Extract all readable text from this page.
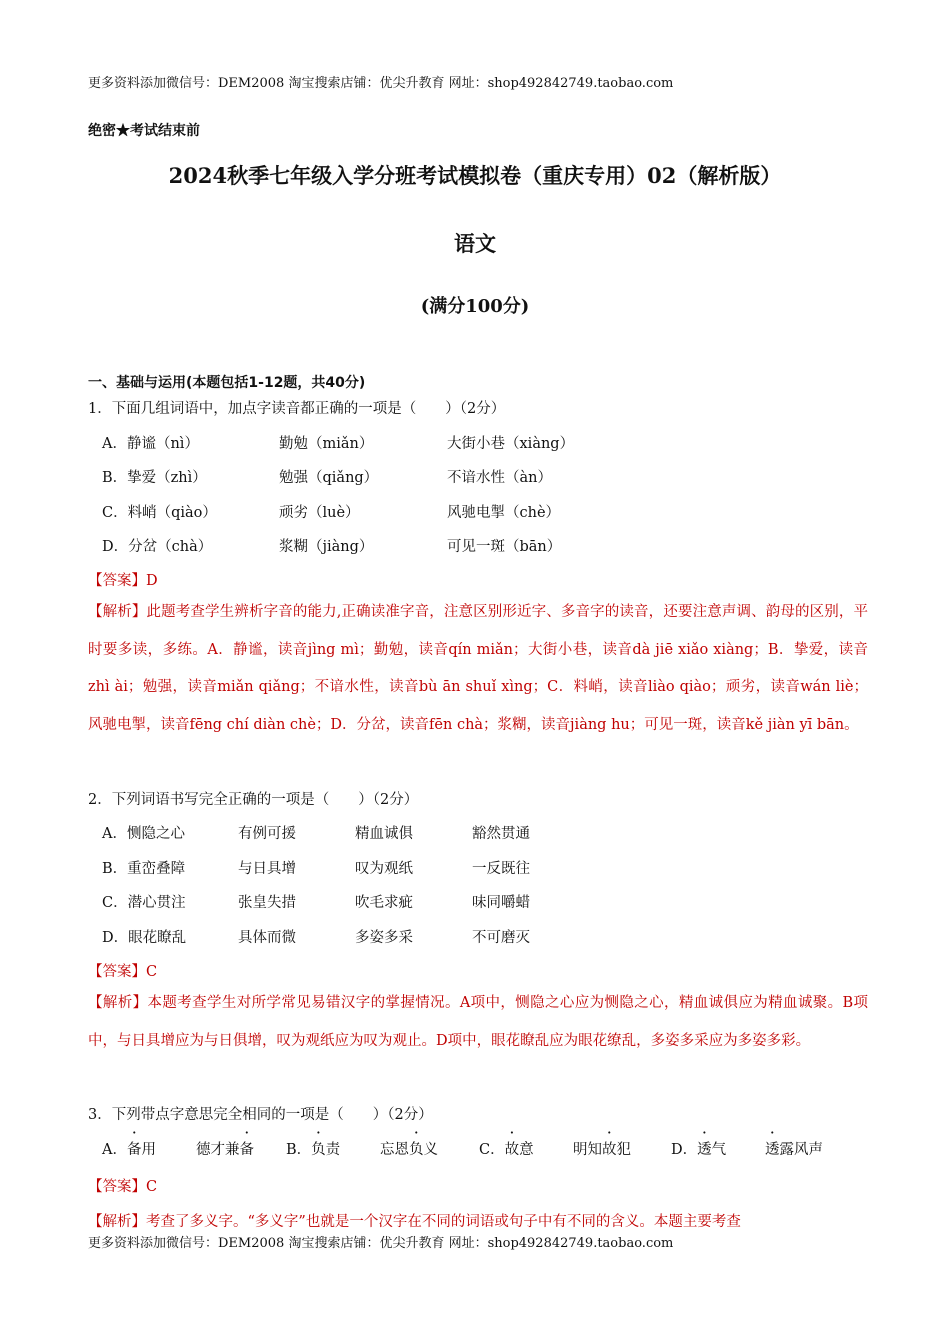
更多资料添加微信号：DEM2008 淘宝搜索店铺：优尖升教育 网址：shop492842749.taobao.com
绝密★考试结束前
2024秋季七年级入学分班考试模拟卷（重庆专用）02（解析版）
语文
(满分100分)
一、基础与运用(本题包括1-12题，共40分)
1．下面几组词语中，加点字读音都正确的一项是（　　）（2分）
A．静谧（nì）	勤勉（miǎn）	大街小巷（xiàng）
B．挚爱（zhì）	勉强（qiǎng）	不谙水性（àn）
C．料峭（qiào）	顽劣（luè）	风驰电掣（chè）
D．分岔（chà）	浆糊（jiàng）	可见一斑（bān）
【答案】D
【解析】此题考查学生辨析字音的能力,正确读准字音，注意区别形近字、多音字的读音，还要注意声调、韵母的区别，平时要多读，多练。A．静谧，读音jìng mì；勤勉，读音qín miǎn；大街小巷，读音dà jiē xiǎo xiàng；B．挚爱，读音zhì ài；勉强，读音miǎn qiǎng；不谙水性，读音bù ān shuǐ xìng；C．料峭，读音liào qiào；顽劣，读音wán liè；风驰电掣，读音fēng chí diàn chè；D．分岔，读音fēn chà；浆糊，读音jiàng hu；可见一斑，读音kě jiàn yī bān。
2．下列词语书写完全正确的一项是（　　）（2分）
A．恻隐之心	有例可援	精血诚俱	豁然贯通
B．重峦叠障	与日具增	叹为观纸	一反既往
C．潜心贯注	张皇失措	吹毛求疵	味同嚼蜡
D．眼花瞭乱	具体而微	多姿多采	不可磨灭
【答案】C
【解析】本题考查学生对所学常见易错汉字的掌握情况。A项中，恻隐之心应为恻隐之心，精血诚俱应为精血诚聚。B项中，与日具增应为与日俱增，叹为观纸应为叹为观止。D项中，眼花瞭乱应为眼花缭乱，多姿多采应为多姿多彩。
3．下列带点字意思完全相同的一项是（　　）（2分）
A．备用	德才兼备 B．负责	忘恩负义	C．故意	明知故犯	D．透气	透露风声
【答案】C
【解析】考查了多义字。“多义字”也就是一个汉字在不同的词语或句子中有不同的含义。本题主要考查
更多资料添加微信号：DEM2008 淘宝搜索店铺：优尖升教育 网址：shop492842749.taobao.com
